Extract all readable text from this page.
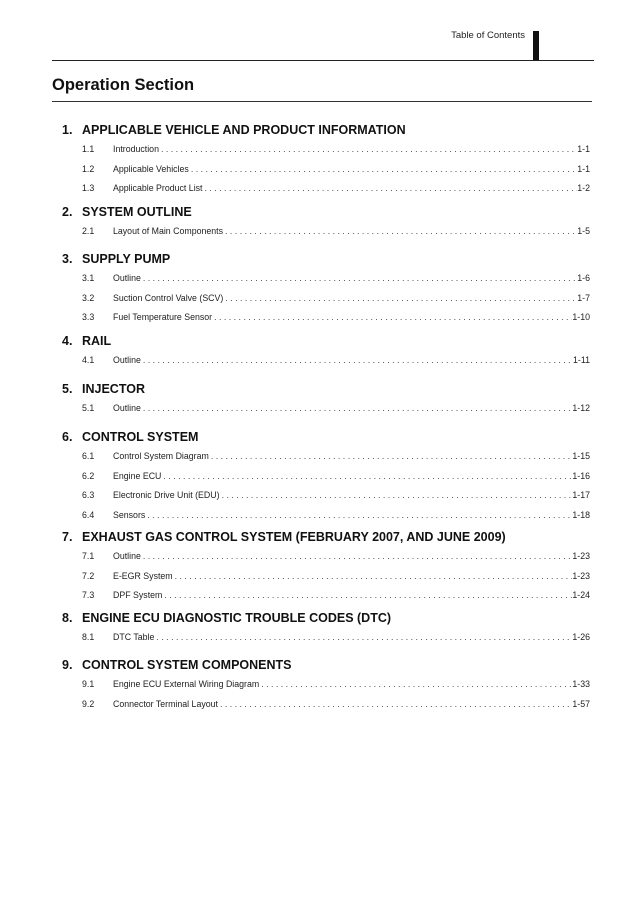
Table of Contents
Operation Section
1. APPLICABLE VEHICLE AND PRODUCT INFORMATION
1.1	Introduction . . .	1-1
1.2	Applicable Vehicles . . .	1-1
1.3	Applicable Product List . . .	1-2
2. SYSTEM OUTLINE
2.1	Layout of Main Components . . .	1-5
3. SUPPLY PUMP
3.1	Outline . . .	1-6
3.2	Suction Control Valve (SCV) . . .	1-7
3.3	Fuel Temperature Sensor . . .	1-10
4. RAIL
4.1	Outline . . .	1-11
5. INJECTOR
5.1	Outline . . .	1-12
6. CONTROL SYSTEM
6.1	Control System Diagram . . .	1-15
6.2	Engine ECU . . .	1-16
6.3	Electronic Drive Unit (EDU) . . .	1-17
6.4	Sensors . . .	1-18
7. EXHAUST GAS CONTROL SYSTEM (FEBRUARY 2007, AND JUNE 2009)
7.1	Outline . . .	1-23
7.2	E-EGR System . . .	1-23
7.3	DPF System . . .	1-24
8. ENGINE ECU DIAGNOSTIC TROUBLE CODES (DTC)
8.1	DTC Table . . .	1-26
9. CONTROL SYSTEM COMPONENTS
9.1	Engine ECU External Wiring Diagram . . .	1-33
9.2	Connector Terminal Layout . . .	1-57
